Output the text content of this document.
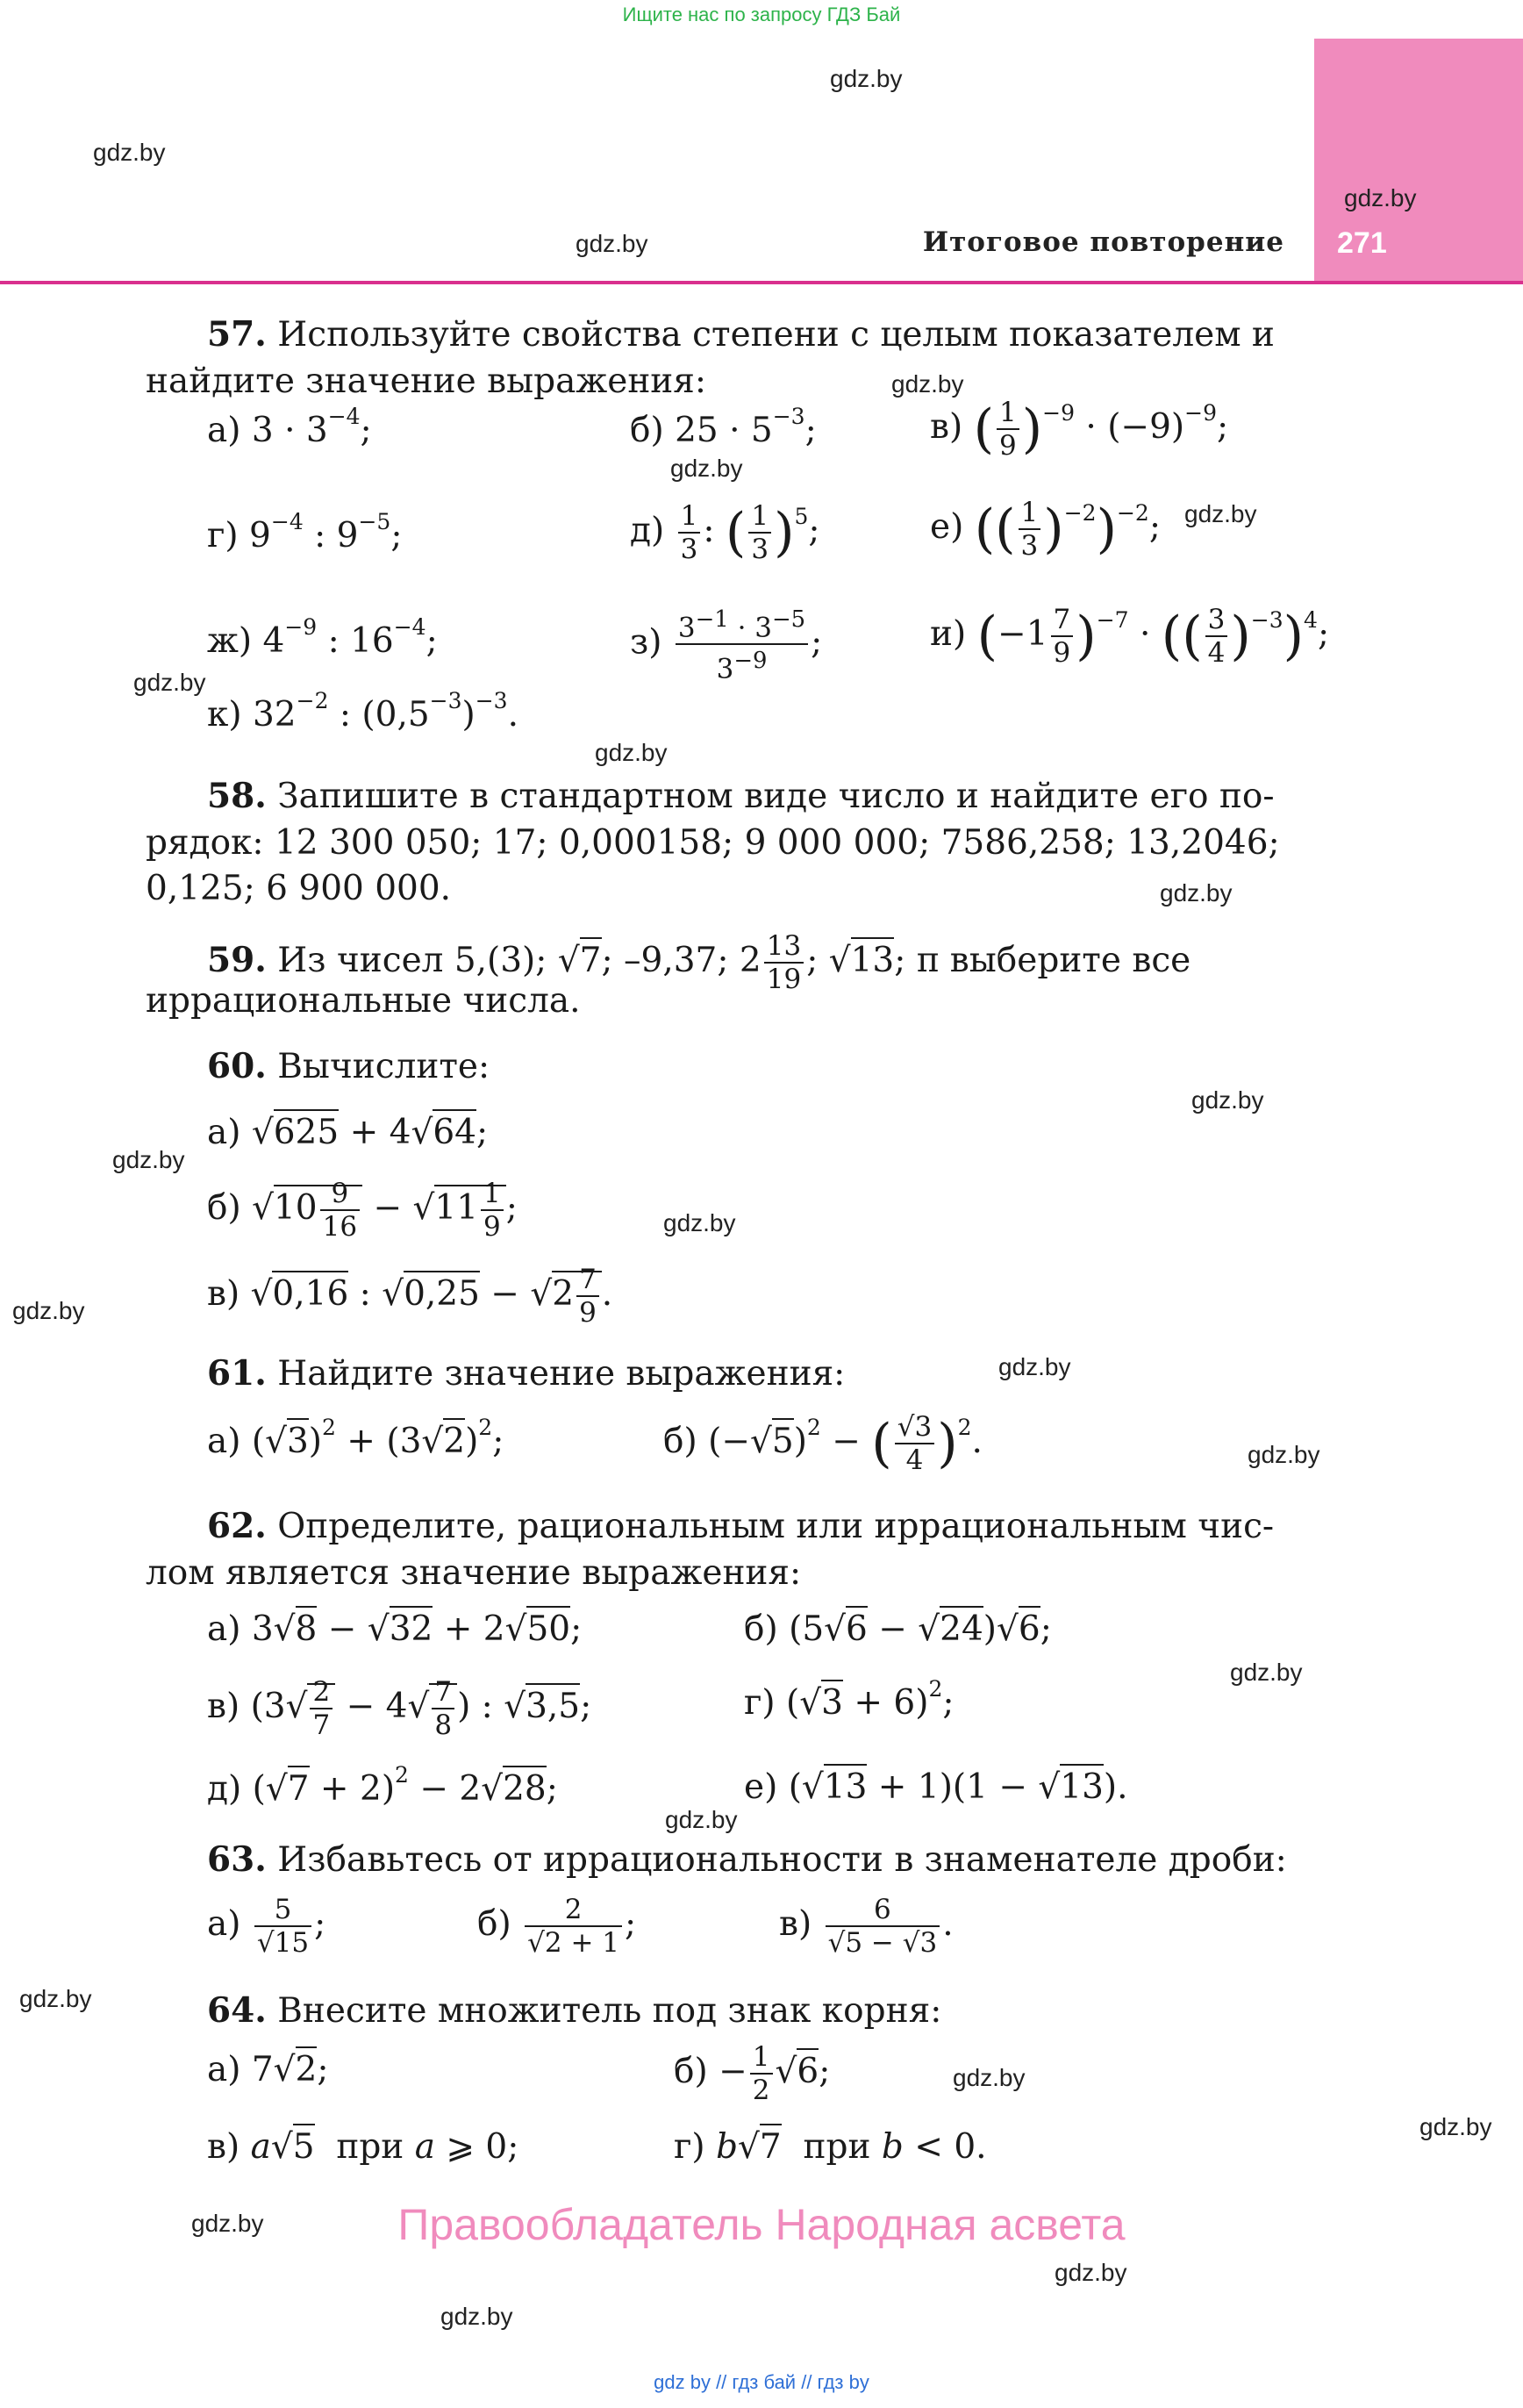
Ищите нас по запросу ГДЗ Бай
Итоговое повторение 271
gdz.by
gdz.by
gdz.by
gdz.by
gdz.by
gdz.by
gdz.by
gdz.by
gdz.by
gdz.by
gdz.by
gdz.by
gdz.by
gdz.by
gdz.by
gdz.by
gdz.by
gdz.by
gdz.by
gdz.by
gdz.by
gdz.by
gdz.by
gdz.by
57. Используйте свойства степени с целым показателем и
найдите значение выражения:
а) $3 \cdot 3^{-4}$;	б) $25 \cdot 5^{-3}$;	в) ( $\frac{1}{9} )^{-9} \cdot (-9)^{-9}$;
г) $9^{-4}$ : $9^{-5}$;	$д) \frac{1}{3}$ : ( $\frac{1}{3} )^5$;	е) (( $\frac{1}{3} )^{-2})^{-2}$;
ж) $4^{-9}$ : $16^{-4}$;	$з) \frac{3^{-1} \cdot 3^{-5}}{3^{-9}}$ ;	и) $(-1 \frac{7}{9} )^{-7}$ · (( $\frac{3}{4} )^{-3})^4$;
к) $32^{-2}$ : $(0,5^{-3})^{-3}$.
58. Запишите в стандартном виде число и найдите его по-
рядок: 12 300 050; 17; 0,000158; 9 000 000; 7586,258; 13,2046;
0,125; 6 900 000.
59. Из чисел 5,(3); √7; –9,37; $2 \frac{13}{19}$ ; √13; π выберите все
иррациональные числа.
60. Вычислите:
а) √625 + 4√64;
б) $√10 \frac{9}{16} - √11 \frac{1}{9}$ ;
в) √0,16 : $√0,25 - √2 \frac{7}{9}$ .
61. Найдите значение выражения:
а) $(√3)^2 + (3√2)^2$;	б) $(-√5)^2$ − ( $\frac{√3}{4} )^2$.
62. Определите, рациональным или иррациональным чис-
лом является значение выражения:
а) 3√8 − √32 + 2√50;	б) (5√6 − √24)√6;
в) ($3√ \frac{2}{7} - 4√ \frac{7}{8}$ ) : √3,5;	г) $(√3 + 6)^2$;
д) $(√7 + 2)^2 - 2√28$;	е) (√13 + 1)(1 − √13).
63. Избавьтесь от иррациональности в знаменателе дроби:
$а) \frac{5}{√15}$ ;	$б) \frac{2}{√2 + 1}$ ;	$в) \frac{6}{√5 - √3}$ .
64. Внесите множитель под знак корня:
а) 7√2;	$б) - \frac{1}{2} √6$;
в) a√5 при a ⩾ 0;	г) b√7 при b < 0.
Правообладатель Народная асвета
gdz by // гдз бай // гдз by
